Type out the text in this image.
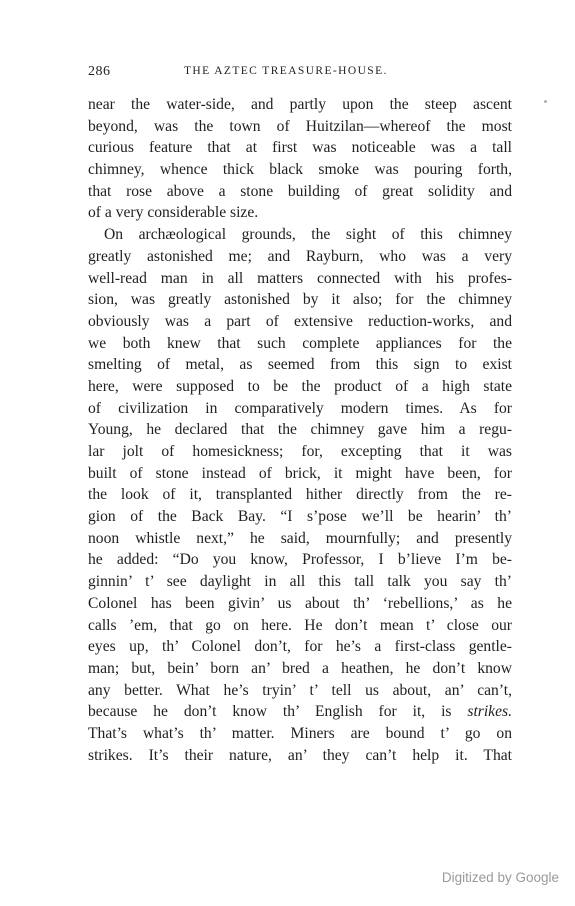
286	THE AZTEC TREASURE-HOUSE.
near the water-side, and partly upon the steep ascent
beyond, was the town of Huitzilan—whereof the most
curious feature that at first was noticeable was a tall
chimney, whence thick black smoke was pouring forth,
that rose above a stone building of great solidity and
of a very considerable size.
On archæological grounds, the sight of this chimney
greatly astonished me; and Rayburn, who was a very
well-read man in all matters connected with his profes-
sion, was greatly astonished by it also; for the chimney
obviously was a part of extensive reduction-works, and
we both knew that such complete appliances for the
smelting of metal, as seemed from this sign to exist
here, were supposed to be the product of a high state
of civilization in comparatively modern times. As for
Young, he declared that the chimney gave him a regu-
lar jolt of homesickness; for, excepting that it was
built of stone instead of brick, it might have been, for
the look of it, transplanted hither directly from the re-
gion of the Back Bay. “I s’pose we’ll be hearin’ th’
noon whistle next,” he said, mournfully; and presently
he added: “Do you know, Professor, I b’lieve I’m be-
ginnin’ t’ see daylight in all this tall talk you say th’
Colonel has been givin’ us about th’ ‘rebellions,’ as he
calls ’em, that go on here. He don’t mean t’ close our
eyes up, th’ Colonel don’t, for he’s a first-class gentle-
man; but, bein’ born an’ bred a heathen, he don’t know
any better. What he’s tryin’ t’ tell us about, an’ can’t,
because he don’t know th’ English for it, is strikes.
That’s what’s th’ matter. Miners are bound t’ go on
strikes. It’s their nature, an’ they can’t help it. That
Digitized by Google
